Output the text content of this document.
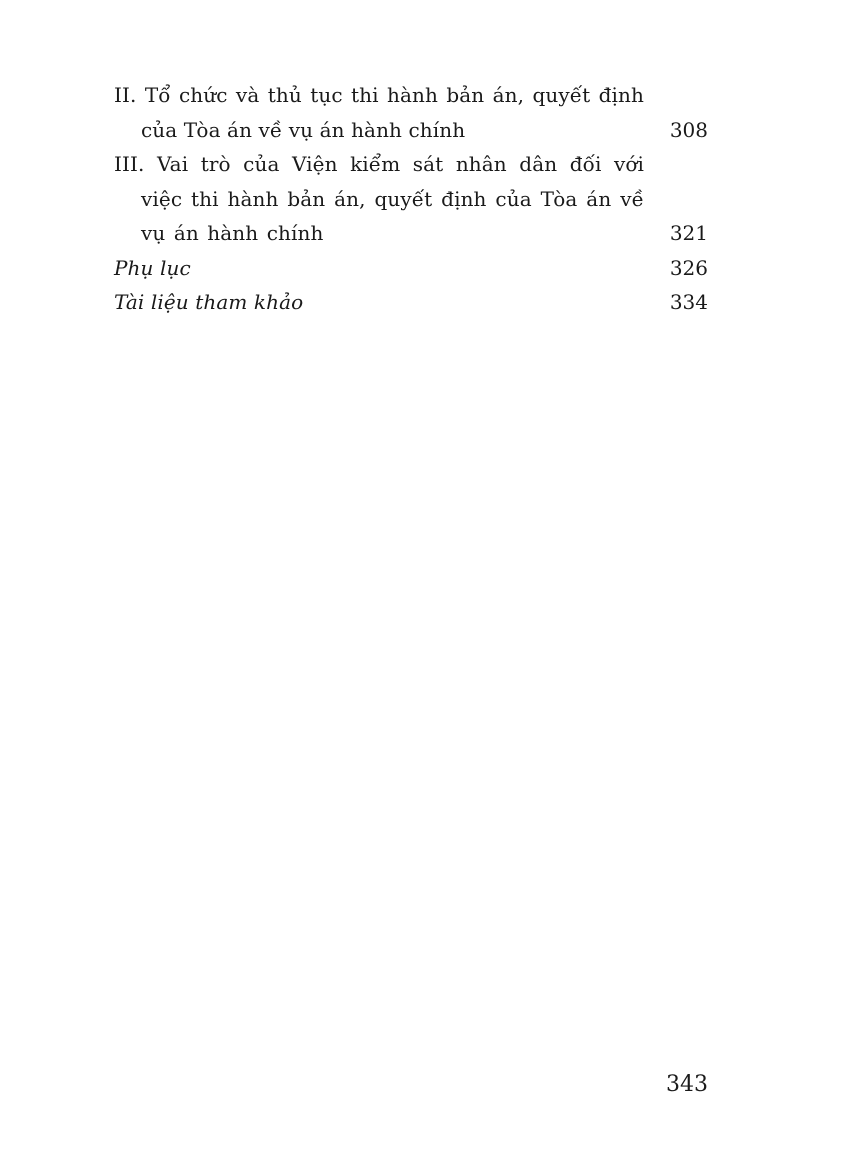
II. Tổ chức và thủ tục thi hành bản án, quyết định của Tòa án về vụ án hành chính	308
III. Vai trò của Viện kiểm sát nhân dân đối với việc thi hành bản án, quyết định của Tòa án về vụ án hành chính	321
Phụ lục	326
Tài liệu tham khảo	334
343
